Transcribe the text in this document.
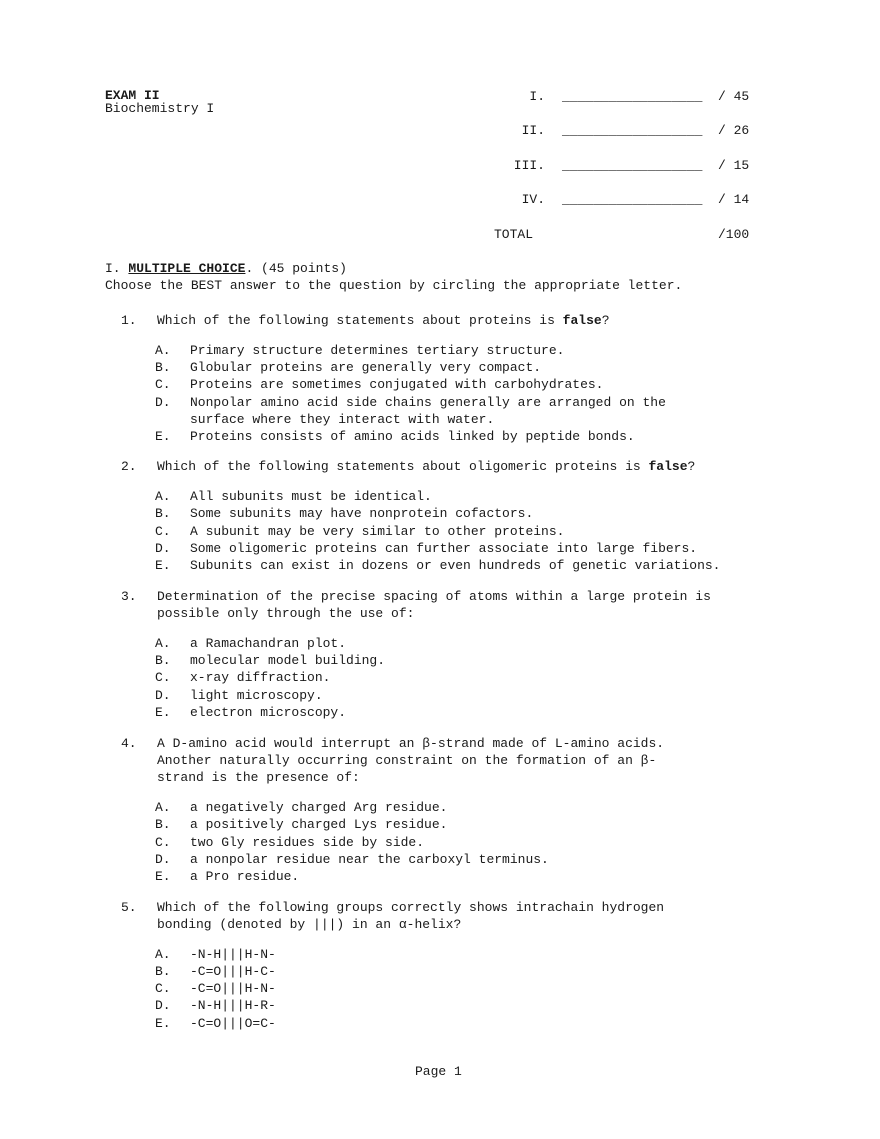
EXAM II
Biochemistry I
I. __________________ / 45
II. __________________ / 26
III. __________________ / 15
IV. __________________ / 14
TOTAL	/100
I. MULTIPLE CHOICE. (45 points)
Choose the BEST answer to the question by circling the appropriate letter.
1. Which of the following statements about proteins is false?
A. Primary structure determines tertiary structure.
B. Globular proteins are generally very compact.
C. Proteins are sometimes conjugated with carbohydrates.
D. Nonpolar amino acid side chains generally are arranged on the
surface where they interact with water.
E. Proteins consists of amino acids linked by peptide bonds.
2. Which of the following statements about oligomeric proteins is false?
A. All subunits must be identical.
B. Some subunits may have nonprotein cofactors.
C. A subunit may be very similar to other proteins.
D. Some oligomeric proteins can further associate into large fibers.
E. Subunits can exist in dozens or even hundreds of genetic variations.
3. Determination of the precise spacing of atoms within a large protein is
possible only through the use of:
A. a Ramachandran plot.
B. molecular model building.
C. x-ray diffraction.
D. light microscopy.
E. electron microscopy.
4. A D-amino acid would interrupt an β-strand made of L-amino acids.
Another naturally occurring constraint on the formation of an β-
strand is the presence of:
A. a negatively charged Arg residue.
B. a positively charged Lys residue.
C. two Gly residues side by side.
D. a nonpolar residue near the carboxyl terminus.
E. a Pro residue.
5. Which of the following groups correctly shows intrachain hydrogen
bonding (denoted by |||) in an α-helix?
A. -N-H|||H-N-
B. -C=O|||H-C-
C. -C=O|||H-N-
D. -N-H|||H-R-
E. -C=O|||O=C-
Page 1
